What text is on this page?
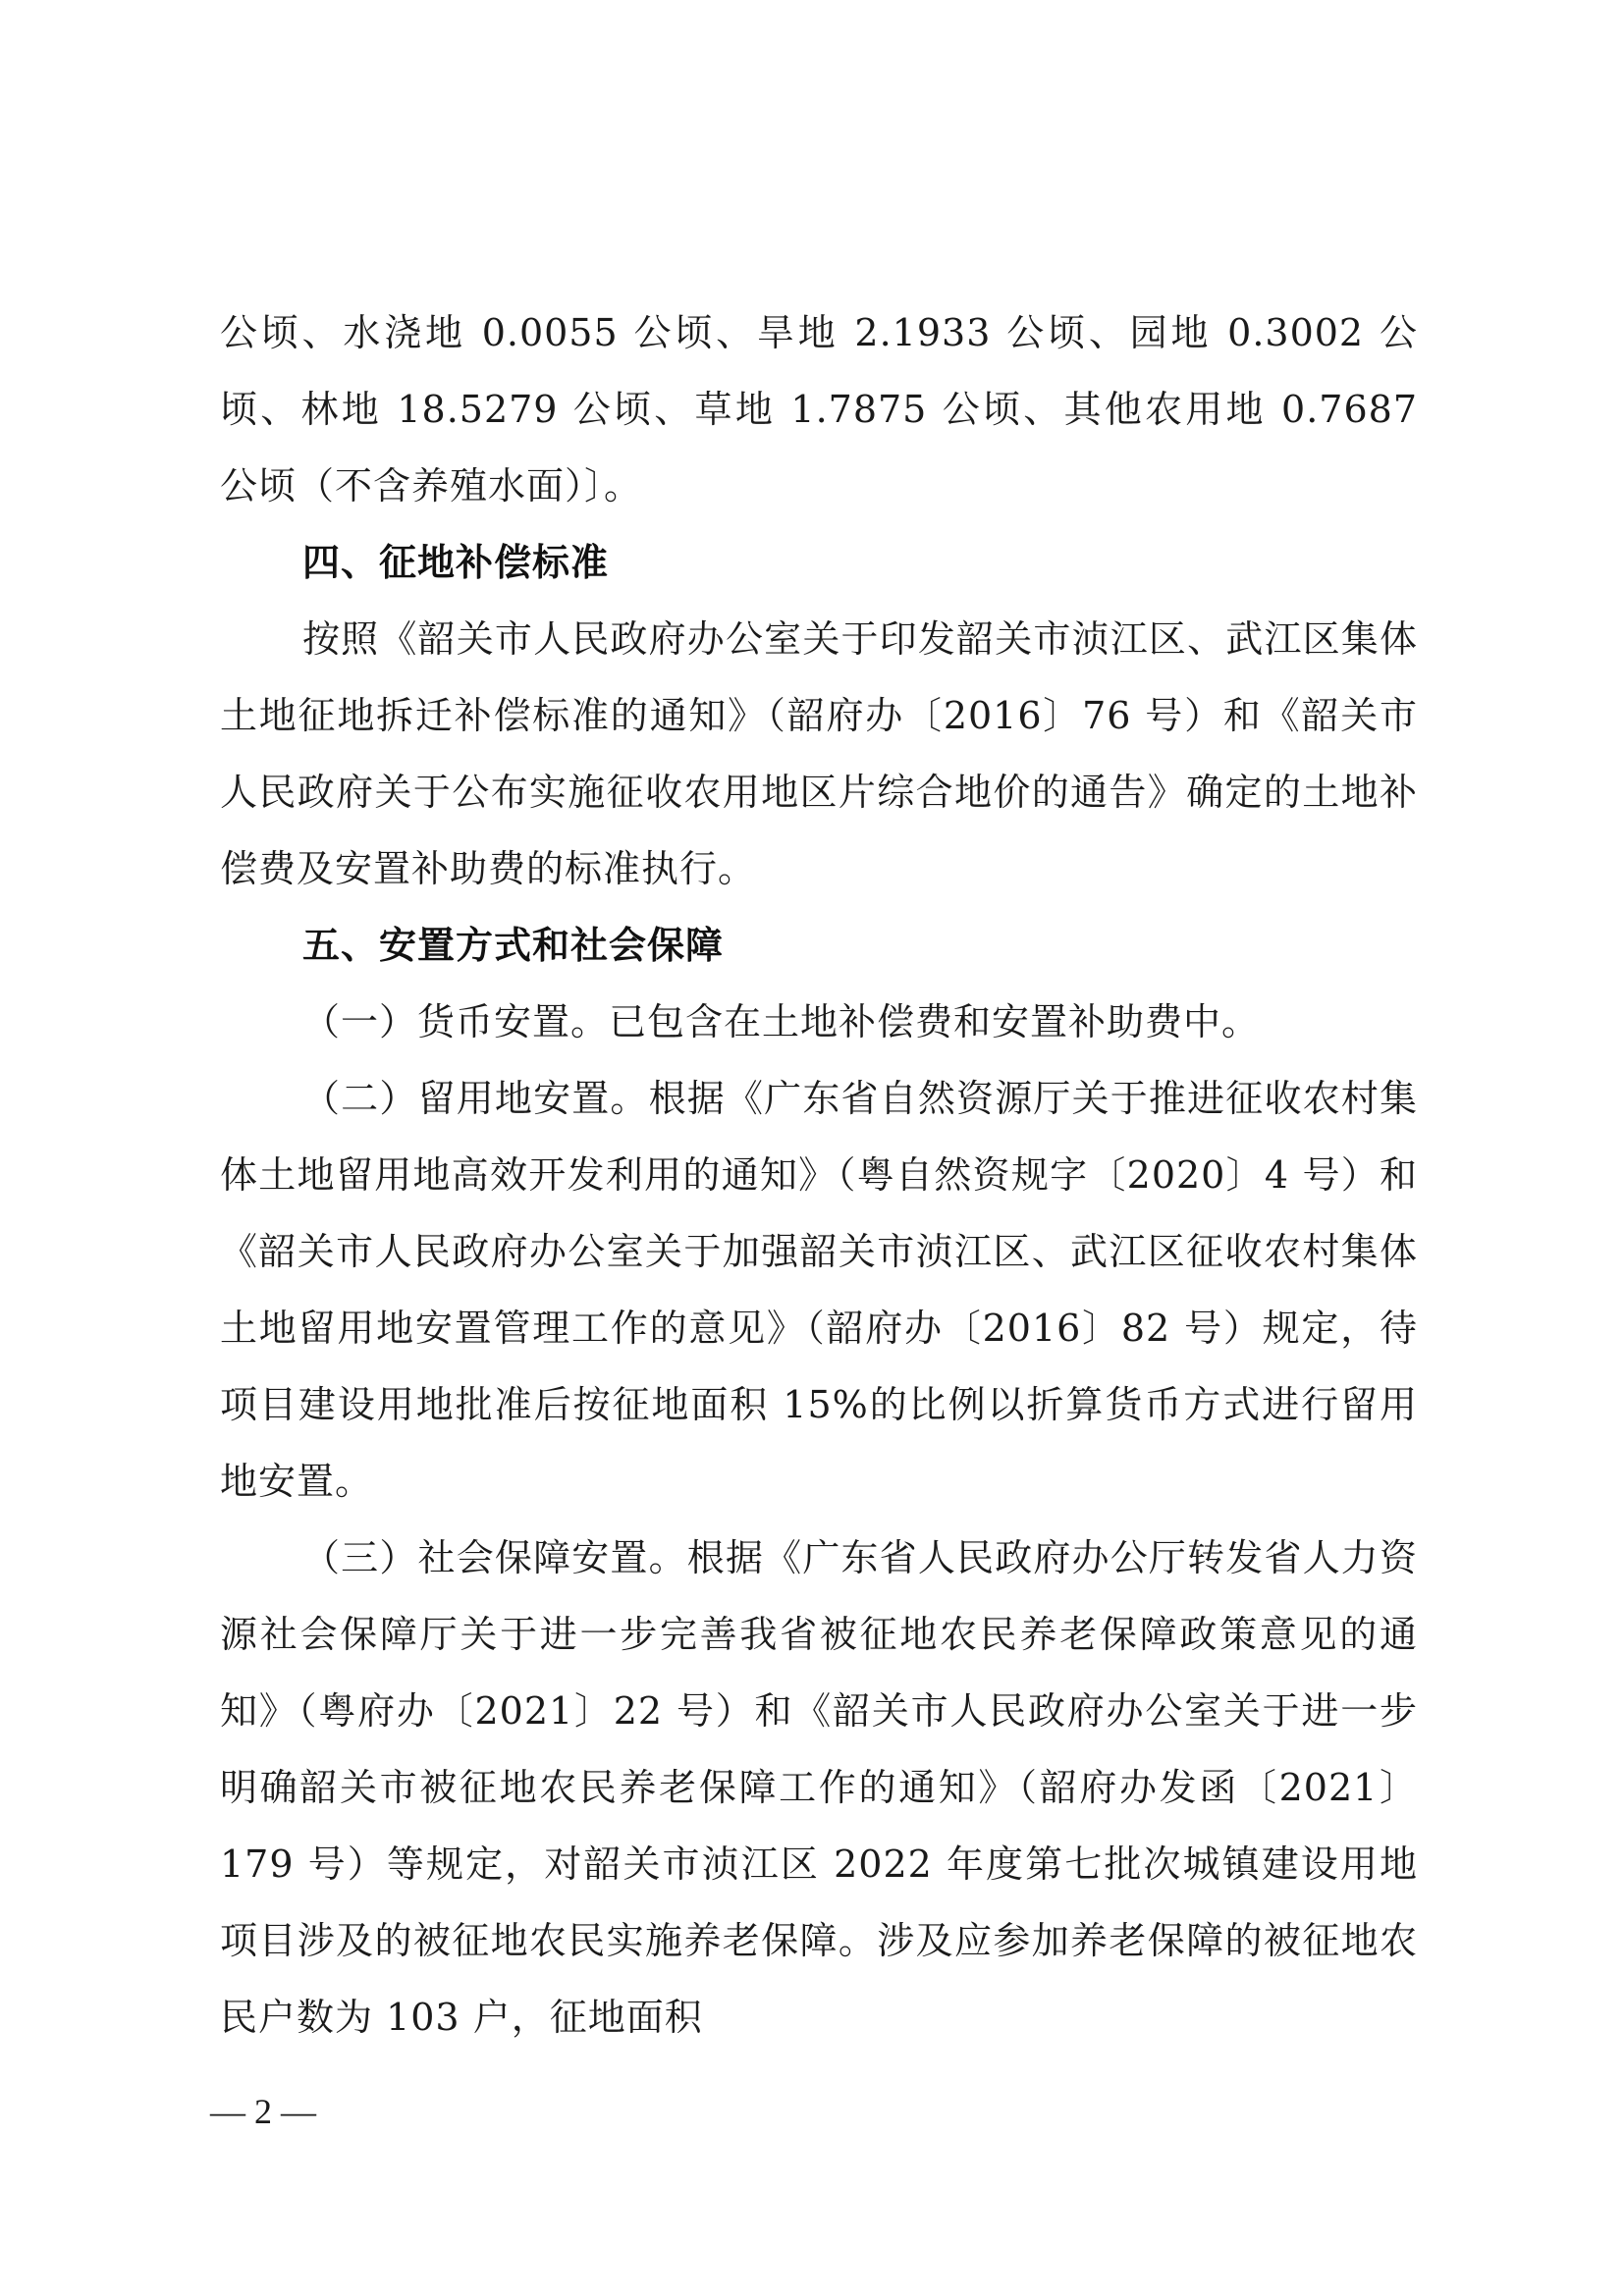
公顷、水浇地 0.0055 公顷、旱地 2.1933 公顷、园地 0.3002 公顷、林地 18.5279 公顷、草地 1.7875 公顷、其他农用地 0.7687 公顷（不含养殖水面）〕。

四、征地补偿标准

按照《韶关市人民政府办公室关于印发韶关市浈江区、武江区集体土地征地拆迁补偿标准的通知》（韶府办〔2016〕76 号）和《韶关市人民政府关于公布实施征收农用地区片综合地价的通告》确定的土地补偿费及安置补助费的标准执行。

五、安置方式和社会保障

（一）货币安置。已包含在土地补偿费和安置补助费中。

（二）留用地安置。根据《广东省自然资源厅关于推进征收农村集体土地留用地高效开发利用的通知》（粤自然资规字〔2020〕4 号）和《韶关市人民政府办公室关于加强韶关市浈江区、武江区征收农村集体土地留用地安置管理工作的意见》（韶府办〔2016〕82 号）规定，待项目建设用地批准后按征地面积 15%的比例以折算货币方式进行留用地安置。

（三）社会保障安置。根据《广东省人民政府办公厅转发省人力资源社会保障厅关于进一步完善我省被征地农民养老保障政策意见的通知》（粤府办〔2021〕22 号）和《韶关市人民政府办公室关于进一步明确韶关市被征地农民养老保障工作的通知》（韶府办发函〔2021〕179 号）等规定，对韶关市浈江区 2022 年度第七批次城镇建设用地项目涉及的被征地农民实施养老保障。涉及应参加养老保障的被征地农民户数为 103 户，征地面积

— 2 —
